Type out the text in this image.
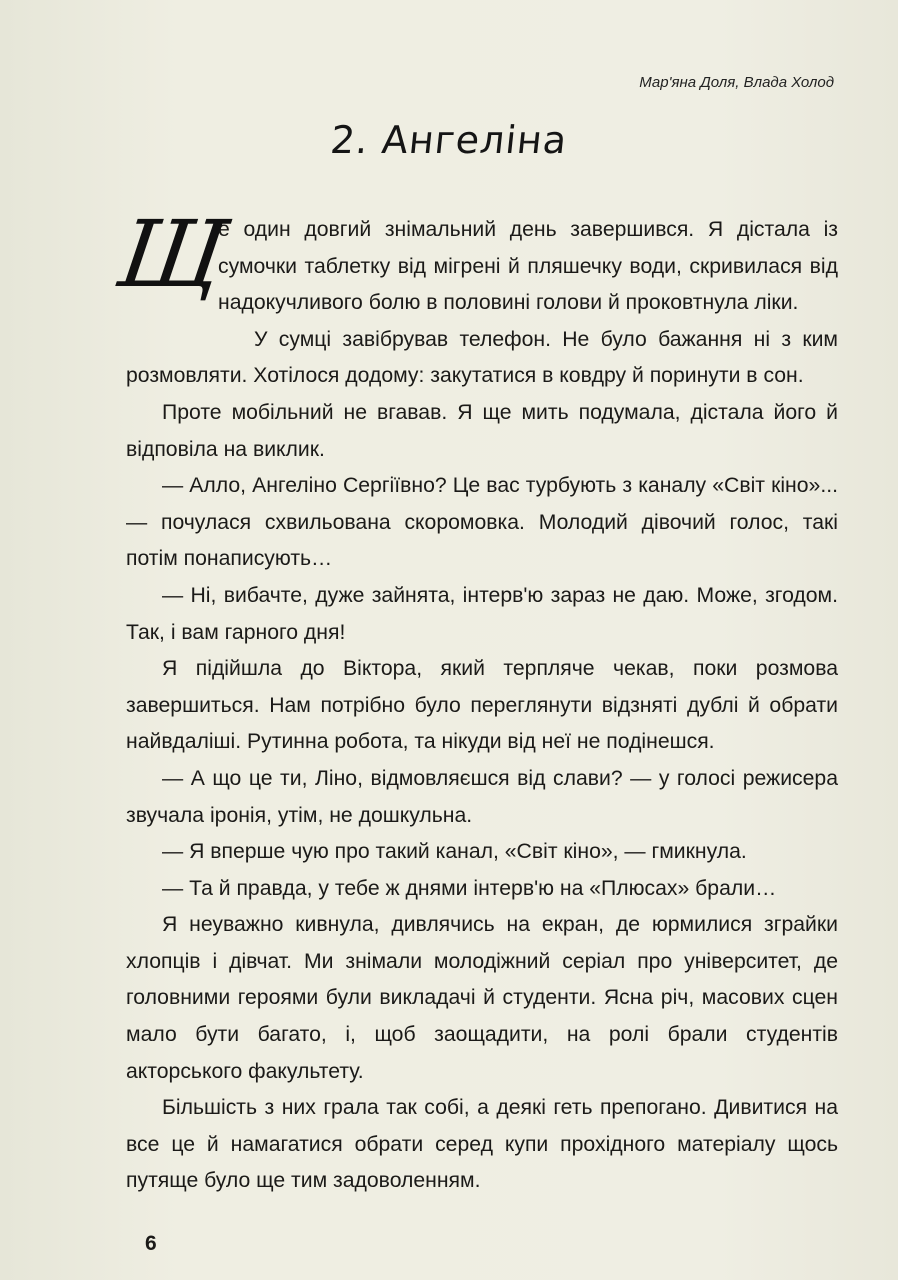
Мар'яна Доля, Влада Холод
2. Ангеліна

Щ
е один довгий знімальний день завершився. Я дістала із сумочки таблетку від мігрені й пляшечку води, скривилася від надокучливого болю в половині голови й проковтнула ліки.

У сумці завібрував телефон. Не було бажання ні з ким розмовляти. Хотілося додому: закутатися в ковдру й поринути в сон.

Проте мобільний не вгавав. Я ще мить подумала, дістала його й відповіла на виклик.

— Алло, Ангеліно Сергіївно? Це вас турбують з каналу «Світ кіно»... — почулася схвильована скоромовка. Молодий дівочий голос, такі потім понаписують…

— Ні, вибачте, дуже зайнята, інтерв'ю зараз не даю. Може, згодом. Так, і вам гарного дня!

Я підійшла до Віктора, який терпляче чекав, поки розмова завершиться. Нам потрібно було переглянути відзняті дублі й обрати найвдаліші. Рутинна робота, та нікуди від неї не подінешся.

— А що це ти, Ліно, відмовляєшся від слави? — у голосі режисера звучала іронія, утім, не дошкульна.

— Я вперше чую про такий канал, «Світ кіно», — гмикнула.

— Та й правда, у тебе ж днями інтерв'ю на «Плюсах» брали…

Я неуважно кивнула, дивлячись на екран, де юрмилися зграйки хлопців і дівчат. Ми знімали молодіжний серіал про університет, де головними героями були викладачі й студенти. Ясна річ, масових сцен мало бути багато, і, щоб заощадити, на ролі брали студентів акторського факультету.

Більшість з них грала так собі, а деякі геть препогано. Дивитися на все це й намагатися обрати серед купи прохідного матеріалу щось путяще було ще тим задоволенням.

6
